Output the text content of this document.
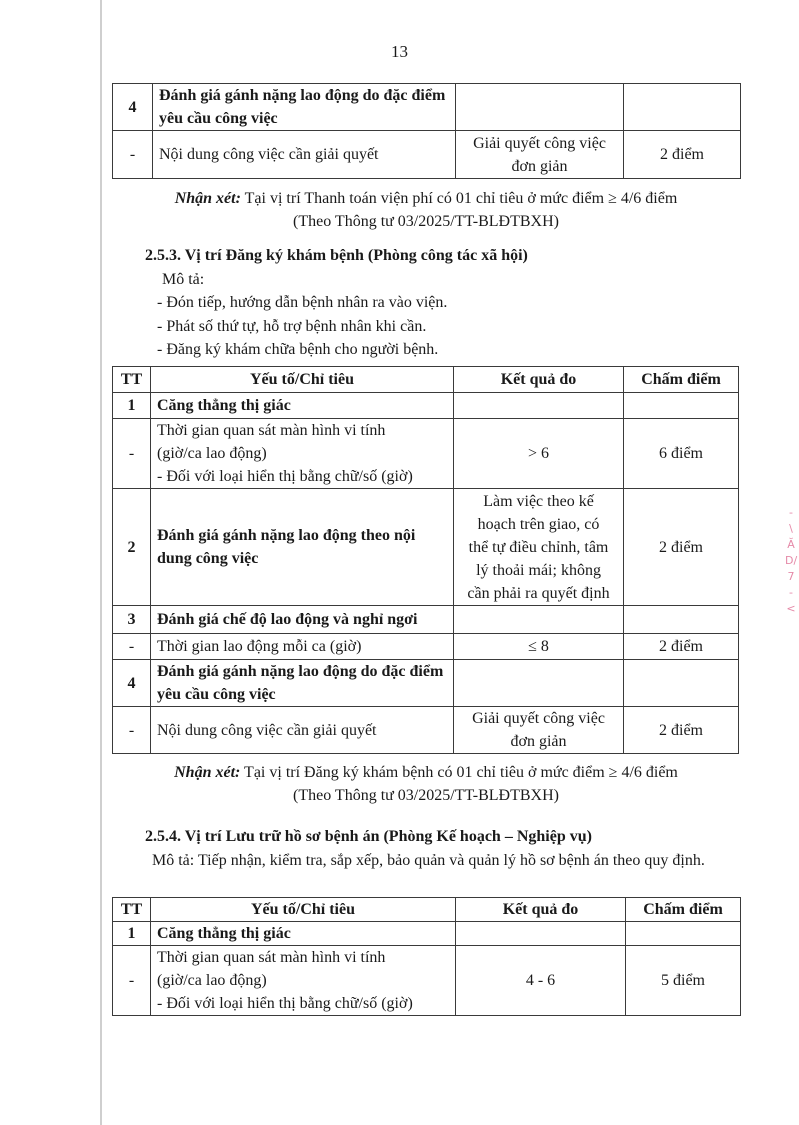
13
4	Đánh giá gánh nặng lao động do đặc điểm yêu cầu công việc		
-	Nội dung công việc cần giải quyết	Giải quyết công việc đơn giản	2 điểm
Nhận xét: Tại vị trí Thanh toán viện phí có 01 chỉ tiêu ở mức điểm ≥ 4/6 điểm
(Theo Thông tư 03/2025/TT-BLĐTBXH)
2.5.3. Vị trí Đăng ký khám bệnh (Phòng công tác xã hội)
Mô tả:
- Đón tiếp, hướng dẫn bệnh nhân ra vào viện.
- Phát số thứ tự, hỗ trợ bệnh nhân khi cần.
- Đăng ký khám chữa bệnh cho người bệnh.
TT	Yếu tố/Chỉ tiêu	Kết quả đo	Chấm điểm
1	Căng thẳng thị giác		
-	Thời gian quan sát màn hình vi tính
(giờ/ca lao động)
- Đối với loại hiển thị bằng chữ/số (giờ)	> 6	6 điểm
2	Đánh giá gánh nặng lao động theo nội dung công việc	Làm việc theo kế
hoạch trên giao, có
thể tự điều chỉnh, tâm
lý thoải mái; không
cần phải ra quyết định	2 điểm
3	Đánh giá chế độ lao động và nghỉ ngơi		
-	Thời gian lao động mỗi ca (giờ)	≤ 8	2 điểm
4	Đánh giá gánh nặng lao động do đặc điểm yêu cầu công việc		
-	Nội dung công việc cần giải quyết	Giải quyết công việc
đơn giản	2 điểm
Nhận xét: Tại vị trí Đăng ký khám bệnh có 01 chỉ tiêu ở mức điểm ≥ 4/6 điểm
(Theo Thông tư 03/2025/TT-BLĐTBXH)
2.5.4. Vị trí Lưu trữ hồ sơ bệnh án (Phòng Kế hoạch – Nghiệp vụ)
Mô tả: Tiếp nhận, kiểm tra, sắp xếp, bảo quản và quản lý hồ sơ bệnh án theo quy định.
TT	Yếu tố/Chỉ tiêu	Kết quả đo	Chấm điểm
1	Căng thẳng thị giác		
-	Thời gian quan sát màn hình vi tính
(giờ/ca lao động)
- Đối với loại hiển thị bằng chữ/số (giờ)	4 - 6	5 điểm
-
\
Ă
D/
7
-
<
